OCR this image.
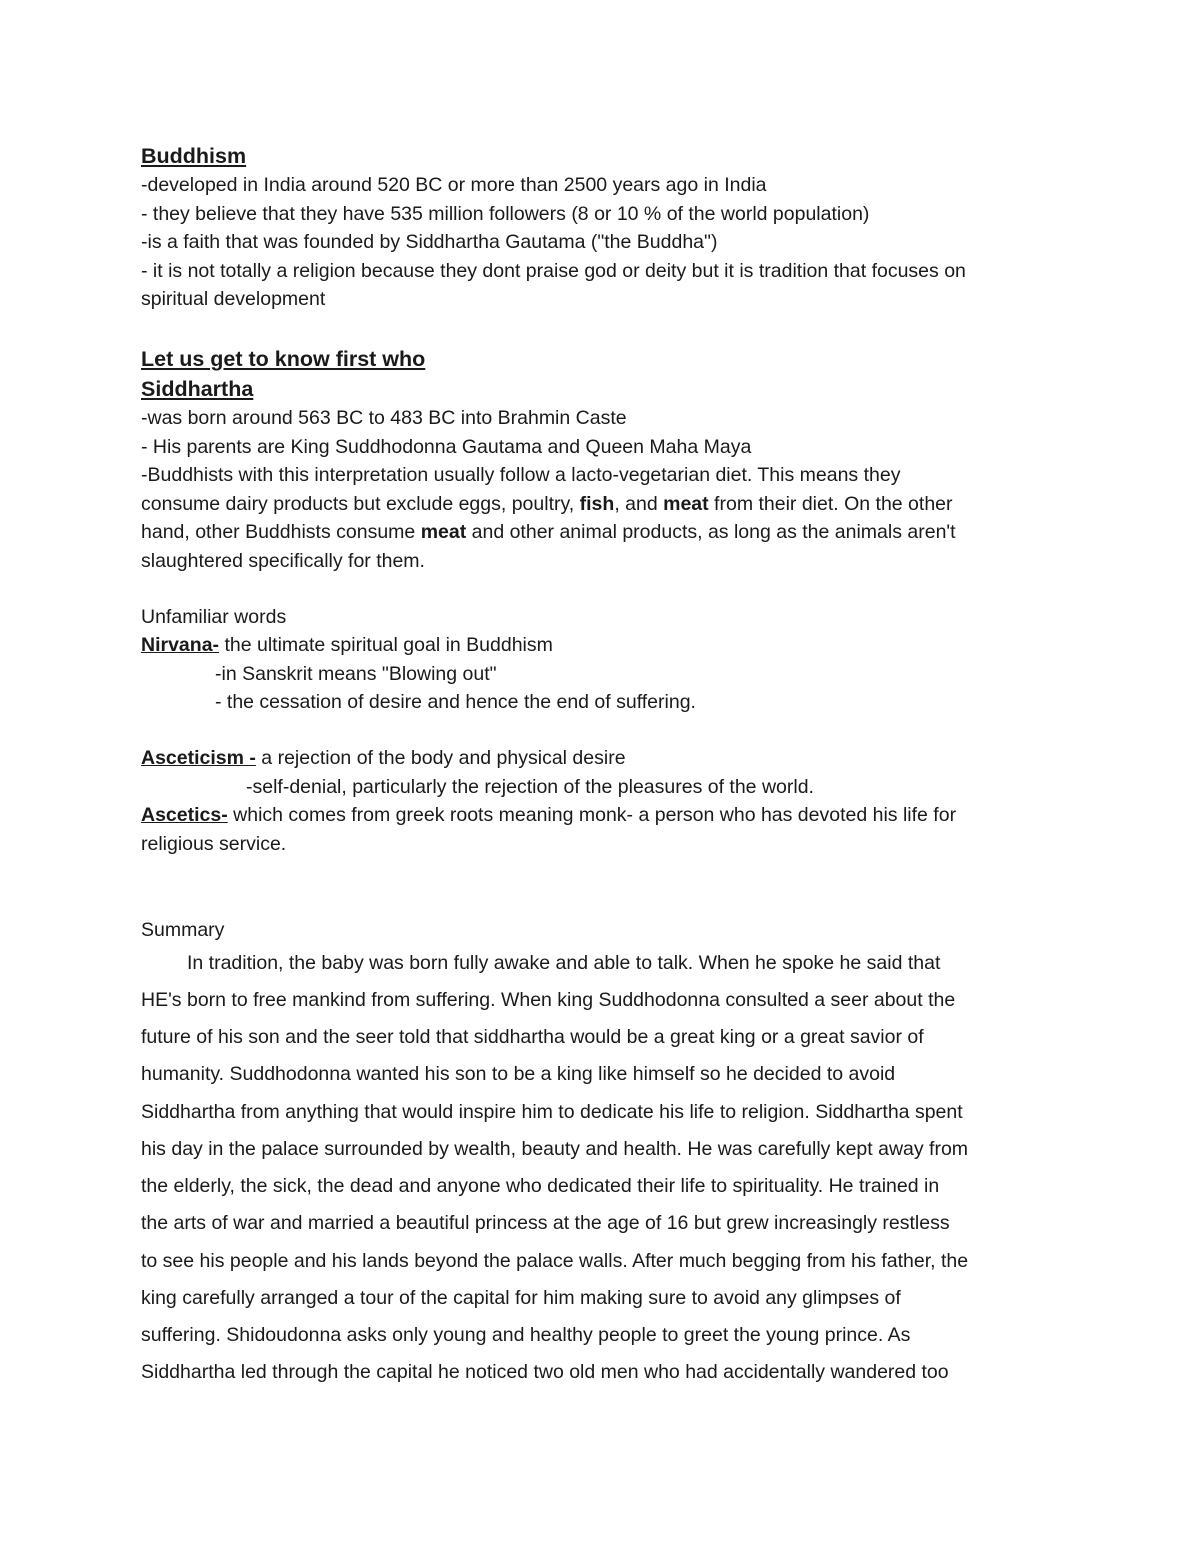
Buddhism
-developed in India around 520 BC or more than 2500 years ago in India
- they believe that they have 535 million followers (8 or 10 % of the world population)
-is a faith that was founded by Siddhartha Gautama ("the Buddha")
- it is not totally a religion because they dont praise god or deity but it is tradition that focuses on
spiritual development
Let us get to know first who
Siddhartha
-was born around 563 BC to 483 BC into Brahmin Caste
- His parents are King Suddhodonna Gautama and Queen Maha Maya
-Buddhists with this interpretation usually follow a lacto-vegetarian diet. This means they
consume dairy products but exclude eggs, poultry, fish, and meat from their diet. On the other
hand, other Buddhists consume meat and other animal products, as long as the animals aren't
slaughtered specifically for them.
Unfamiliar words
Nirvana- the ultimate spiritual goal in Buddhism
-in Sanskrit means "Blowing out"
- the cessation of desire and hence the end of suffering.
Asceticism - a rejection of the body and physical desire
-self-denial, particularly the rejection of the pleasures of the world.
Ascetics- which comes from greek roots meaning monk- a person who has devoted his life for
religious service.
Summary
In tradition, the baby was born fully awake and able to talk. When he spoke he said that
HE's born to free mankind from suffering. When king Suddhodonna consulted a seer about the
future of his son and the seer told that siddhartha would be a great king or a great savior of
humanity. Suddhodonna wanted his son to be a king like himself so he decided to avoid
Siddhartha from anything that would inspire him to dedicate his life to religion. Siddhartha spent
his day in the palace surrounded by wealth, beauty and health. He was carefully kept away from
the elderly, the sick, the dead and anyone who dedicated their life to spirituality. He trained in
the arts of war and married a beautiful princess at the age of 16 but grew increasingly restless
to see his people and his lands beyond the palace walls. After much begging from his father, the
king carefully arranged a tour of the capital for him making sure to avoid any glimpses of
suffering. Shidoudonna asks only young and healthy people to greet the young prince. As
Siddhartha led through the capital he noticed two old men who had accidentally wandered too
